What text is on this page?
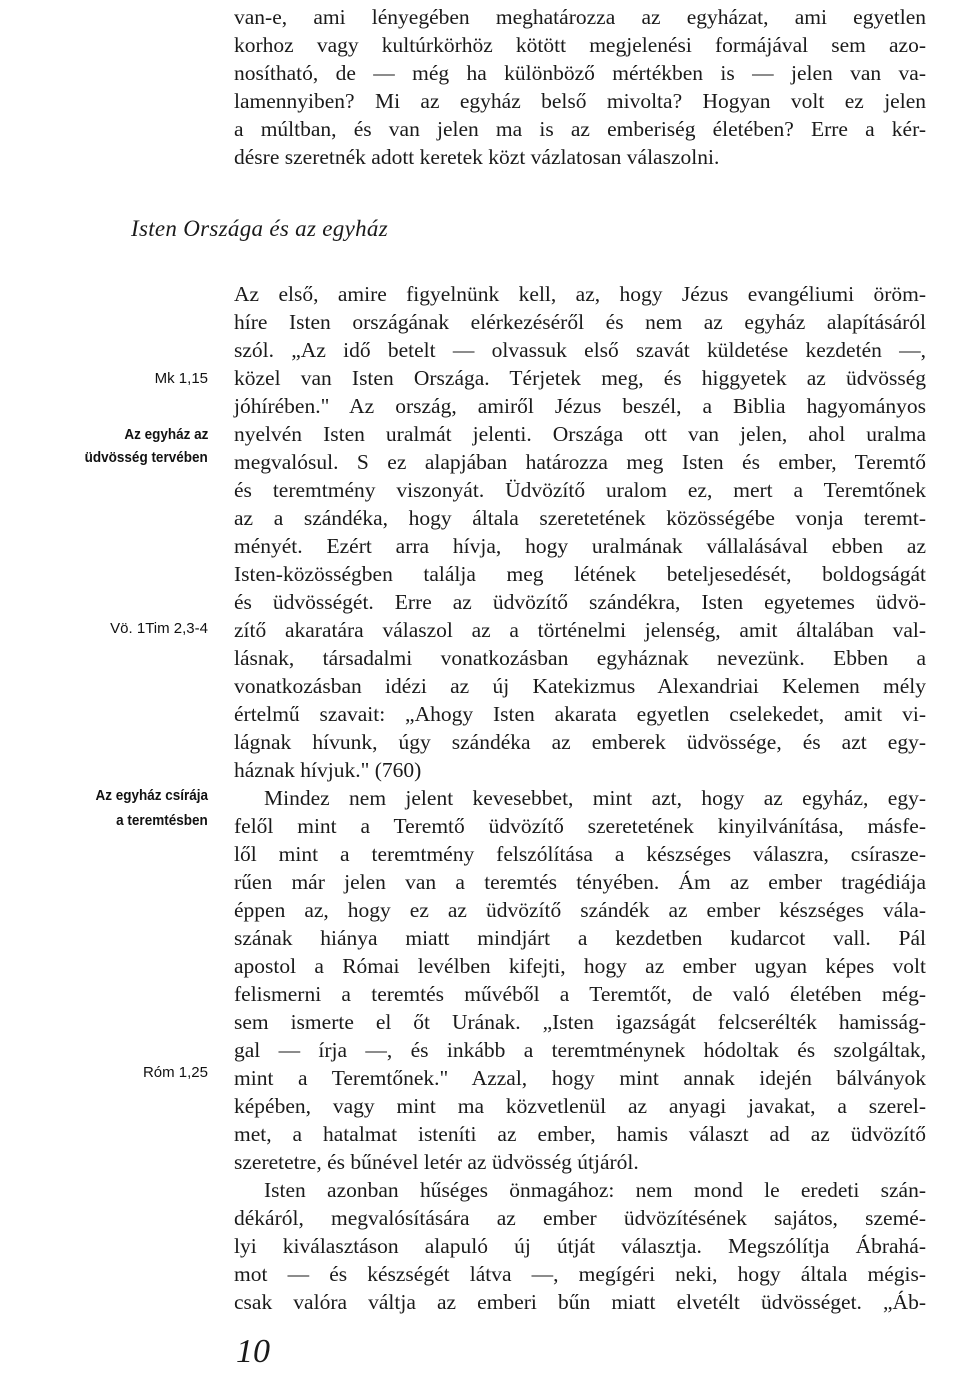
van-e, ami lényegében meghatározza az egyházat, ami egyetlen
korhoz vagy kultúrkörhöz kötött megjelenési formájával sem azo-
nosítható, de — még ha különböző mértékben is — jelen van va-
lamennyiben? Mi az egyház belső mivolta? Hogyan volt ez jelen
a múltban, és van jelen ma is az emberiség életében? Erre a kér-
désre szeretnék adott keretek közt vázlatosan válaszolni.
Isten Országa és az egyház
Mk 1,15
Az egyház az
üdvösség tervében
Vö. 1Tim 2,3-4
Az egyház csírája
a teremtésben
Róm 1,25
Az első, amire figyelnünk kell, az, hogy Jézus evangéliumi öröm-
híre Isten országának elérkezéséről és nem az egyház alapításáról
szól. „Az idő betelt — olvassuk első szavát küldetése kezdetén —,
közel van Isten Országa. Térjetek meg, és higgyetek az üdvösség
jóhírében." Az ország, amiről Jézus beszél, a Biblia hagyományos
nyelvén Isten uralmát jelenti. Országa ott van jelen, ahol uralma
megvalósul. S ez alapjában határozza meg Isten és ember, Teremtő
és teremtmény viszonyát. Üdvözítő uralom ez, mert a Teremtőnek
az a szándéka, hogy általa szeretetének közösségébe vonja teremt-
ményét. Ezért arra hívja, hogy uralmának vállalásával ebben az
Isten-közösségben találja meg létének beteljesedését, boldogságát
és üdvösségét. Erre az üdvözítő szándékra, Isten egyetemes üdvö-
zítő akaratára válaszol az a történelmi jelenség, amit általában val-
lásnak, társadalmi vonatkozásban egyháznak nevezünk. Ebben a
vonatkozásban idézi az új Katekizmus Alexandriai Kelemen mély
értelmű szavait: „Ahogy Isten akarata egyetlen cselekedet, amit vi-
lágnak hívunk, úgy szándéka az emberek üdvössége, és azt egy-
háznak hívjuk." (760)
Mindez nem jelent kevesebbet, mint azt, hogy az egyház, egy-
felől mint a Teremtő üdvözítő szeretetének kinyilvánítása, másfe-
lől mint a teremtmény felszólítása a készséges válaszra, csíraszе-
rűen már jelen van a teremtés tényében. Ám az ember tragédiája
éppen az, hogy ez az üdvözítő szándék az ember készséges vála-
szának hiánya miatt mindjárt a kezdetben kudarcot vall. Pál
apostol a Római levélben kifejti, hogy az ember ugyan képes volt
felismerni a teremtés művéből a Teremtőt, de való életében még-
sem ismerte el őt Urának. „Isten igazságát felcserélték hamisság-
gal — írja —, és inkább a teremtménynek hódoltak és szolgáltak,
mint a Teremtőnek." Azzal, hogy mint annak idején bálványok
képében, vagy mint ma közvetlenül az anyagi javakat, a szerel-
met, a hatalmat isteníti az ember, hamis választ ad az üdvözítő
szeretetre, és bűnével letér az üdvösség útjáról.
Isten azonban hűséges önmagához: nem mond le eredeti szán-
dékáról, megvalósítására az ember üdvözítésének sajátos, szemé-
lyi kiválasztáson alapuló új útját választja. Megszólítja Ábrahá-
mot — és készségét látva —, megígéri neki, hogy általa mégis-
csak valóra váltja az emberi bűn miatt elvetélt üdvösséget. „Áb-
10
